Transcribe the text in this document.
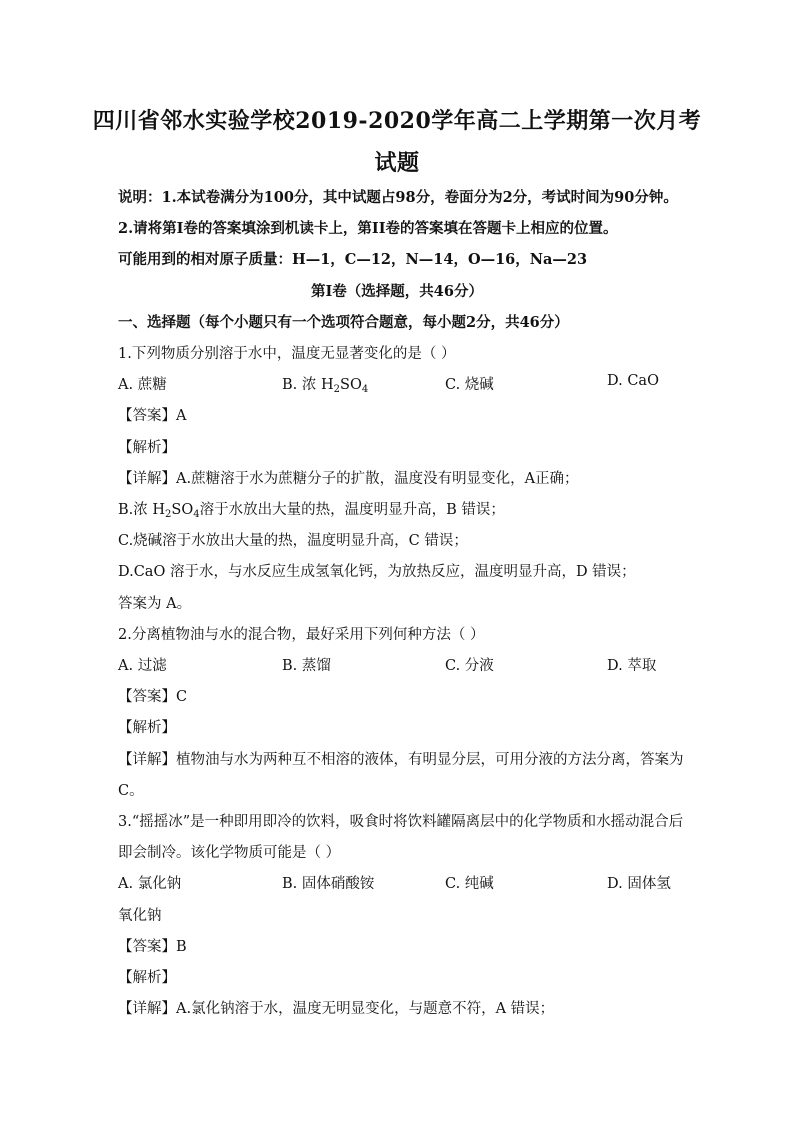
四川省邻水实验学校2019-2020学年高二上学期第一次月考
试题
说明：1.本试卷满分为100分，其中试题占98分，卷面分为2分，考试时间为90分钟。
2.请将第I卷的答案填涂到机读卡上，第II卷的答案填在答题卡上相应的位置。
可能用到的相对原子质量：H—1，C—12，N—14，O—16，Na—23
第I卷（选择题，共46分）
一、选择题（每个小题只有一个选项符合题意，每小题2分，共46分）
1.下列物质分别溶于水中，温度无显著变化的是（ ）
A. 蔗糖	B. 浓 $H_2SO_4$	C. 烧碱	D. CaO
【答案】A
【解析】
【详解】A.蔗糖溶于水为蔗糖分子的扩散，温度没有明显变化，A正确；
B.浓 $H_2SO_4$溶于水放出大量的热，温度明显升高，B 错误；
C.烧碱溶于水放出大量的热，温度明显升高，C 错误；
D.CaO 溶于水，与水反应生成氢氧化钙，为放热反应，温度明显升高，D 错误；
答案为 A。
2.分离植物油与水的混合物，最好采用下列何种方法（ ）
A. 过滤	B. 蒸馏	C. 分液	D. 萃取
【答案】C
【解析】
【详解】植物油与水为两种互不相溶的液体，有明显分层，可用分液的方法分离，答案为
C。
3.“摇摇冰”是一种即用即冷的饮料，吸食时将饮料罐隔离层中的化学物质和水摇动混合后
即会制冷。该化学物质可能是（ ）
A. 氯化钠	B. 固体硝酸铵	C. 纯碱	D. 固体氢
氧化钠
【答案】B
【解析】
【详解】A.氯化钠溶于水，温度无明显变化，与题意不符，A 错误；
